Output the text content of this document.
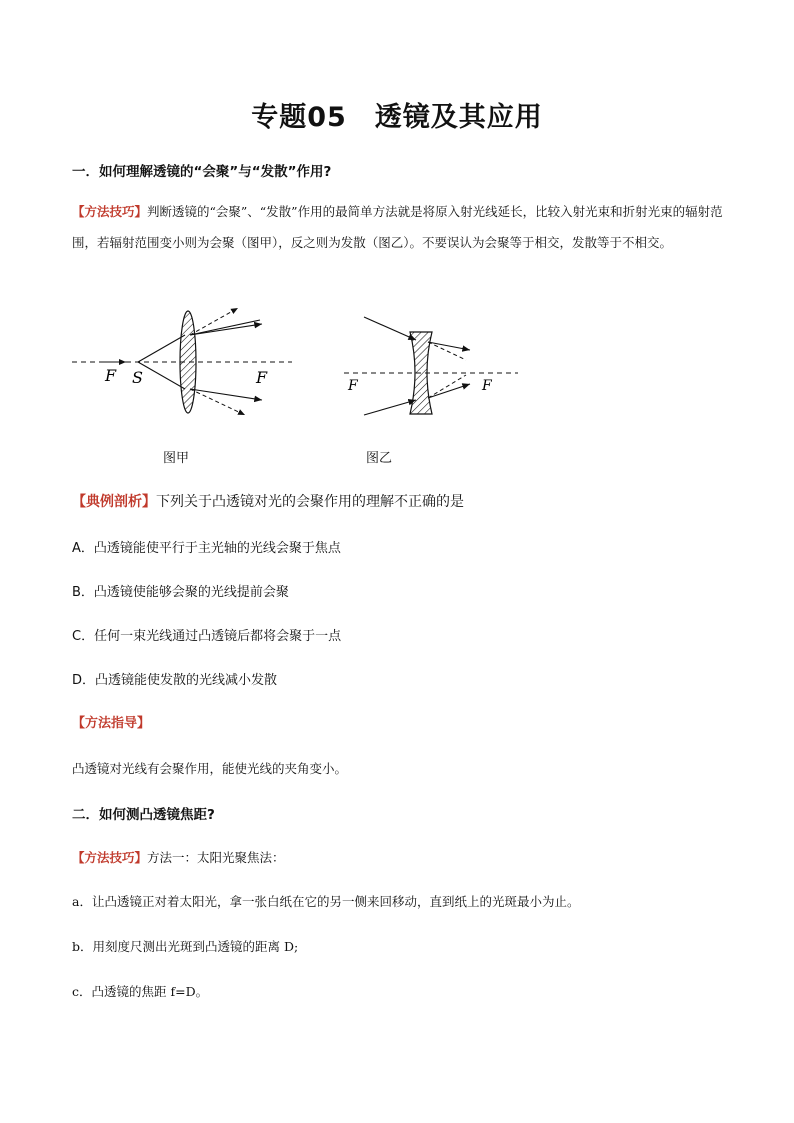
专题05 透镜及其应用
一．如何理解透镜的“会聚”与“发散”作用?
【方法技巧】判断透镜的“会聚”、“发散”作用的最简单方法就是将原入射光线延长，比较入射光束和折射光束的辐射范围，若辐射范围变小则为会聚（图甲），反之则为发散（图乙）。不要误认为会聚等于相交，发散等于不相交。
F S	F	F	F
图甲	图乙
【典例剖析】下列关于凸透镜对光的会聚作用的理解不正确的是
A．凸透镜能使平行于主光轴的光线会聚于焦点
B．凸透镜使能够会聚的光线提前会聚
C．任何一束光线通过凸透镜后都将会聚于一点
D．凸透镜能使发散的光线减小发散
【方法指导】
凸透镜对光线有会聚作用，能使光线的夹角变小。
二．如何测凸透镜焦距?
【方法技巧】方法一：太阳光聚焦法：
a．让凸透镜正对着太阳光，拿一张白纸在它的另一侧来回移动，直到纸上的光斑最小为止。
b．用刻度尺测出光斑到凸透镜的距离 D;
c．凸透镜的焦距 f=D。
